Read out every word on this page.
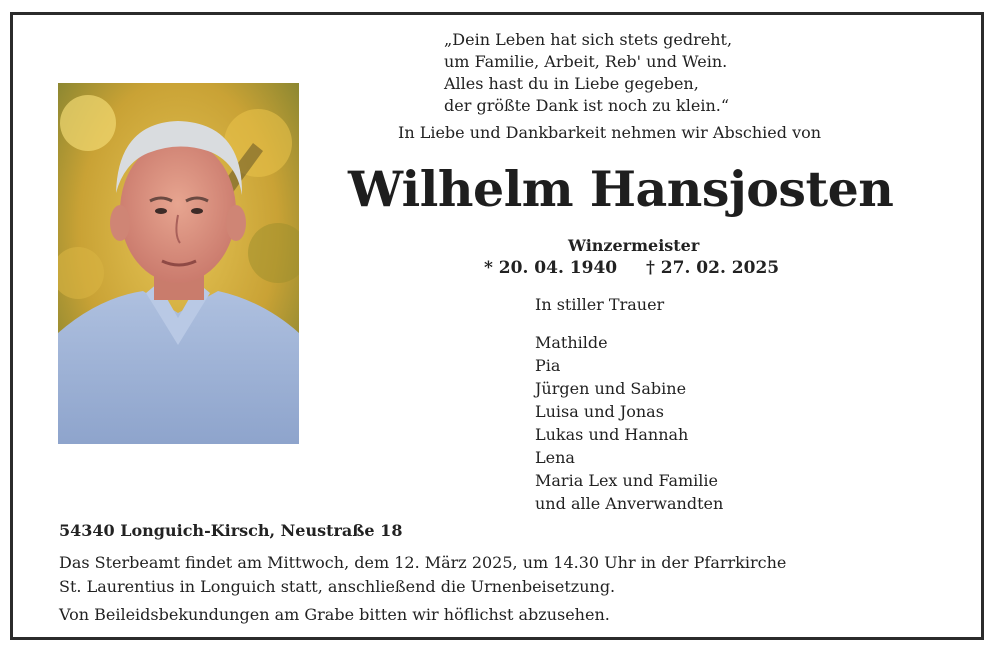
„Dein Leben hat sich stets gedreht,
um Familie, Arbeit, Reb' und Wein.
Alles hast du in Liebe gegeben,
der größte Dank ist noch zu klein.“
In Liebe und Dankbarkeit nehmen wir Abschied von
Wilhelm Hansjosten
Winzermeister
* 20. 04. 1940 † 27. 02. 2025
In stiller Trauer
Mathilde
Pia
Jürgen und Sabine
Luisa und Jonas
Lukas und Hannah
Lena
Maria Lex und Familie
und alle Anverwandten
54340 Longuich-Kirsch, Neustraße 18
Das Sterbeamt findet am Mittwoch, dem 12. März 2025, um 14.30 Uhr in der Pfarrkirche
St. Laurentius in Longuich statt, anschließend die Urnenbeisetzung.
Von Beileidsbekundungen am Grabe bitten wir höflichst abzusehen.
